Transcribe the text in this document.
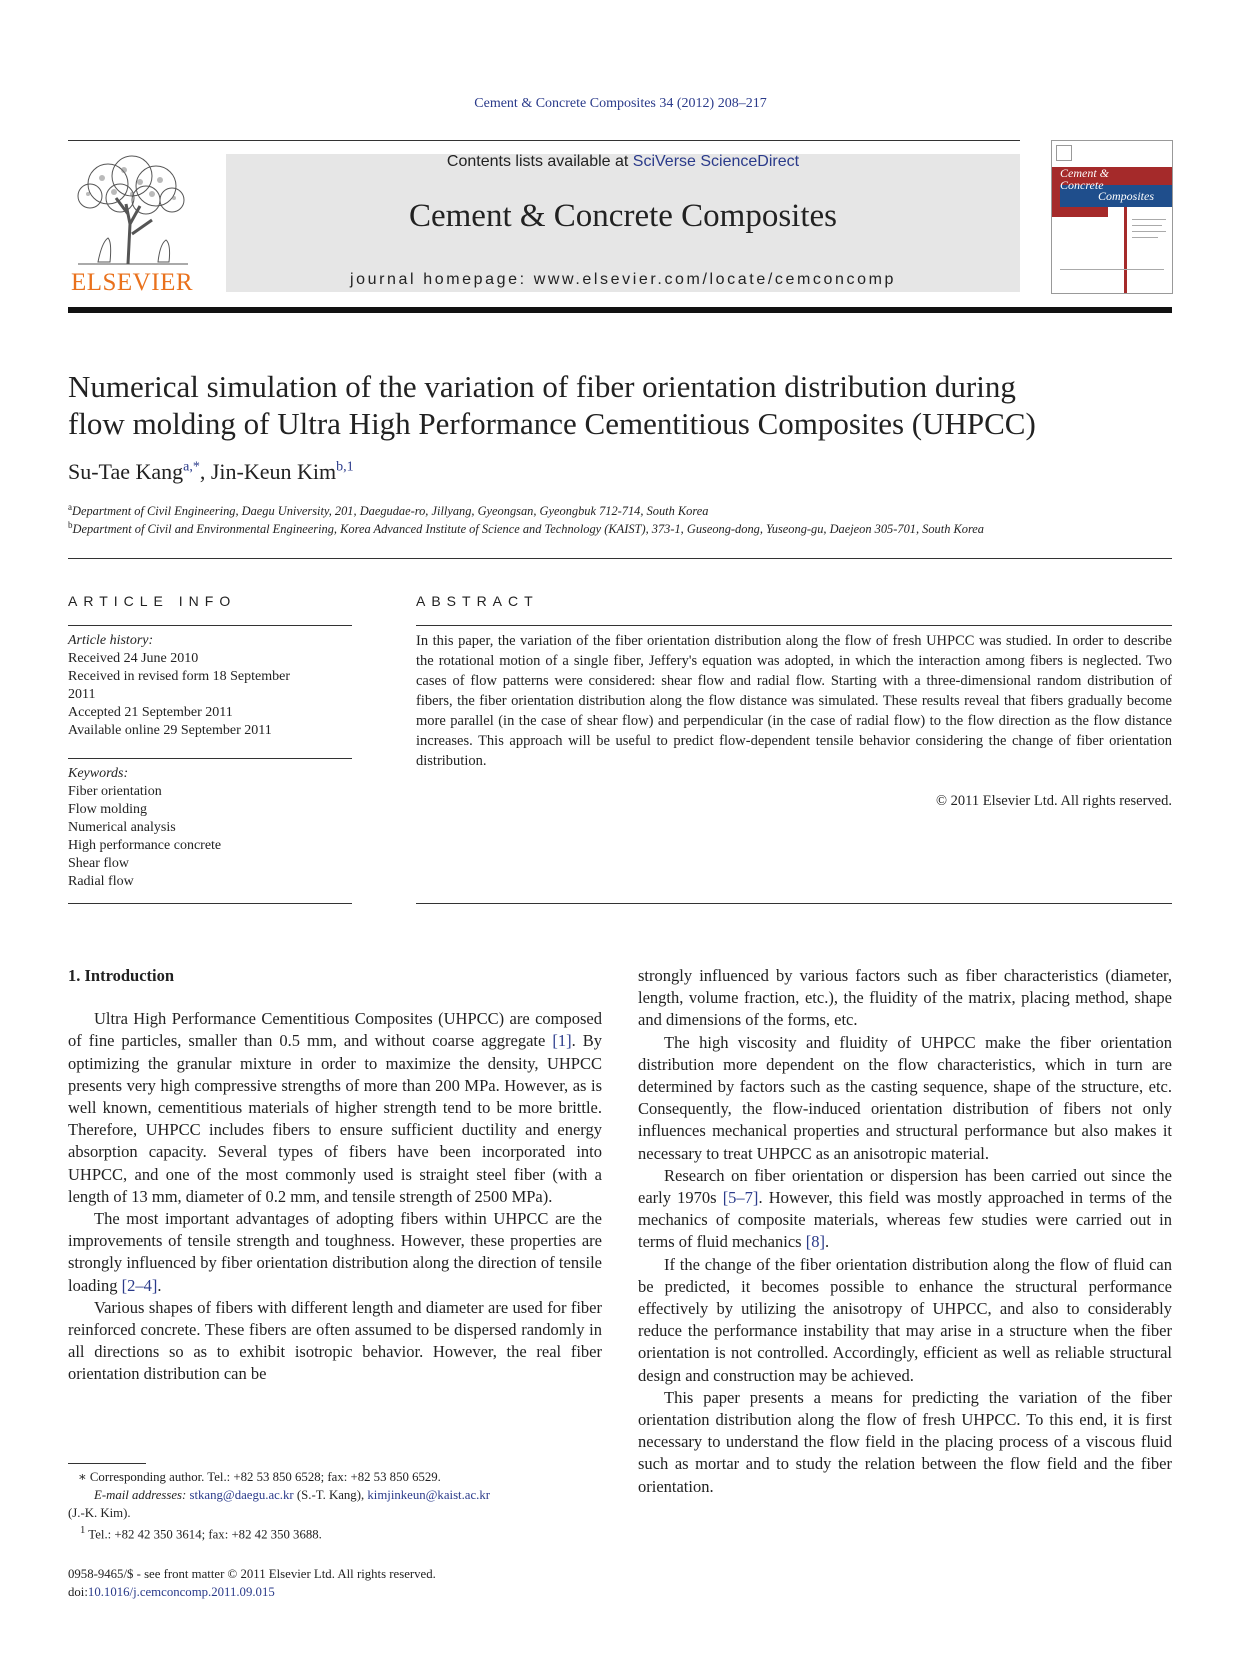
Cement & Concrete Composites 34 (2012) 208–217
ELSEVIER
Contents lists available at SciVerse ScienceDirect
Cement & Concrete Composites
journal homepage: www.elsevier.com/locate/cemconcomp
Cement &
Concrete
Composites
Numerical simulation of the variation of fiber orientation distribution during
flow molding of Ultra High Performance Cementitious Composites (UHPCC)
Su-Tae Kang$^{a,*}$, Jin-Keun Kim$^{b,1}$
$^a$Department of Civil Engineering, Daegu University, 201, Daegudae-ro, Jillyang, Gyeongsan, Gyeongbuk 712-714, South Korea
$^b$Department of Civil and Environmental Engineering, Korea Advanced Institute of Science and Technology (KAIST), 373-1, Guseong-dong, Yuseong-gu, Daejeon 305-701, South Korea
ARTICLE INFO
Article history:
Received 24 June 2010
Received in revised form 18 September
2011
Accepted 21 September 2011
Available online 29 September 2011
Keywords:
Fiber orientation
Flow molding
Numerical analysis
High performance concrete
Shear flow
Radial flow
ABSTRACT
In this paper, the variation of the fiber orientation distribution along the flow of fresh UHPCC was studied. In order to describe the rotational motion of a single fiber, Jeffery's equation was adopted, in which the interaction among fibers is neglected. Two cases of flow patterns were considered: shear flow and radial flow. Starting with a three-dimensional random distribution of fibers, the fiber orientation distribution along the flow distance was simulated. These results reveal that fibers gradually become more parallel (in the case of shear flow) and perpendicular (in the case of radial flow) to the flow direction as the flow distance increases. This approach will be useful to predict flow-dependent tensile behavior considering the change of fiber orientation distribution.
© 2011 Elsevier Ltd. All rights reserved.
1. Introduction

Ultra High Performance Cementitious Composites (UHPCC) are composed of fine particles, smaller than 0.5 mm, and without coarse aggregate [1]. By optimizing the granular mixture in order to maximize the density, UHPCC presents very high compressive strengths of more than 200 MPa. However, as is well known, cementitious materials of higher strength tend to be more brittle. Therefore, UHPCC includes fibers to ensure sufficient ductility and energy absorption capacity. Several types of fibers have been incorporated into UHPCC, and one of the most commonly used is straight steel fiber (with a length of 13 mm, diameter of 0.2 mm, and tensile strength of 2500 MPa).

The most important advantages of adopting fibers within UHPCC are the improvements of tensile strength and toughness. However, these properties are strongly influenced by fiber orientation distribution along the direction of tensile loading [2–4].

Various shapes of fibers with different length and diameter are used for fiber reinforced concrete. These fibers are often assumed to be dispersed randomly in all directions so as to exhibit isotropic behavior. However, the real fiber orientation distribution can be

strongly influenced by various factors such as fiber characteristics (diameter, length, volume fraction, etc.), the fluidity of the matrix, placing method, shape and dimensions of the forms, etc.

The high viscosity and fluidity of UHPCC make the fiber orientation distribution more dependent on the flow characteristics, which in turn are determined by factors such as the casting sequence, shape of the structure, etc. Consequently, the flow-induced orientation distribution of fibers not only influences mechanical properties and structural performance but also makes it necessary to treat UHPCC as an anisotropic material.

Research on fiber orientation or dispersion has been carried out since the early 1970s [5–7]. However, this field was mostly approached in terms of the mechanics of composite materials, whereas few studies were carried out in terms of fluid mechanics [8].

If the change of the fiber orientation distribution along the flow of fluid can be predicted, it becomes possible to enhance the structural performance effectively by utilizing the anisotropy of UHPCC, and also to considerably reduce the performance instability that may arise in a structure when the fiber orientation is not controlled. Accordingly, efficient as well as reliable structural design and construction may be achieved.

This paper presents a means for predicting the variation of the fiber orientation distribution along the flow of fresh UHPCC. To this end, it is first necessary to understand the flow field in the placing process of a viscous fluid such as mortar and to study the relation between the flow field and the fiber orientation.

∗ Corresponding author. Tel.: +82 53 850 6528; fax: +82 53 850 6529.
E-mail addresses: stkang@daegu.ac.kr (S.-T. Kang), kimjinkeun@kaist.ac.kr
(J.-K. Kim).
$^1$ Tel.: +82 42 350 3614; fax: +82 42 350 3688.
0958-9465/$ - see front matter © 2011 Elsevier Ltd. All rights reserved.
doi:10.1016/j.cemconcomp.2011.09.015
